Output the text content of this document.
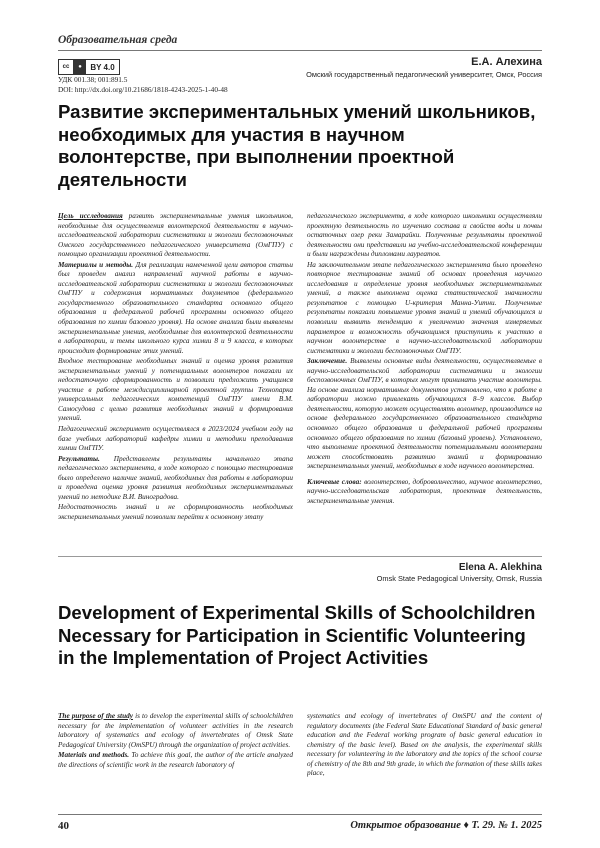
Образовательная среда
cc	●	BY 4.0
УДК 001.38; 001:891.5
DOI: http://dx.doi.org/10.21686/1818-4243-2025-1-40-48
Е.А. Алехина
Омский государственный педагогический университет, Омск, Россия
Развитие экспериментальных умений школьников, необходимых для участия в научном волонтерстве, при выполнении проектной деятельности

Цель исследования развить экспериментальные умения школьников, необходимые для осуществления волонтерской деятельности в научно-исследовательской лаборатории систематики и экологии беспозвоночных Омского государственного педагогического университета (ОмГПУ) с помощью организации проектной деятельности.

Материалы и методы. Для реализации намеченной цели авторов статьи был проведен анализ направлений научной работы в научно-исследовательской лаборатории систематики и экологии беспозвоночных ОмГПУ и содержания нормативных документов (федерального государственного образовательного стандарта основного общего образования и федеральной рабочей программы основного общего образования по химии базового уровня). На основе анализа были выявлены экспериментальные умения, необходимые для волонтерской деятельности в лаборатории, и темы школьного курса химии 8 и 9 класса, в которых происходит формирование этих умений.

Входное тестирование необходимых знаний и оценка уровня развития экспериментальных умений у потенциальных волонтеров показали их недостаточную сформированность и позволили предложить учащимся участие в работе междисциплинарной проектной группы Технопарка универсальных педагогических компетенций ОмГПУ имени В.М. Самосудова с целью развития необходимых знаний и формирования умений.

Педагогический эксперимент осуществлялся в 2023/2024 учебном году на базе учебных лабораторий кафедры химии и методики преподавания химии ОмГПУ.

Результаты. Представлены результаты начального этапа педагогического эксперимента, в ходе которого с помощью тестирования было определено наличие знаний, необходимых для работы в лаборатории и проведена оценка уровня развития необходимых экспериментальных умений по методике В.И. Виноградова.

Недостаточность знаний и не сформированность необходимых экспериментальных умений позволили перейти к основному этапу

педагогического эксперимента, в ходе которого школьники осуществляли проектную деятельность по изучению состава и свойств воды и почвы остаточных озер реки Замарайки. Полученные результаты проектной деятельности они представили на учебно-исследовательской конференции и были награждены дипломами лауреатов.

На заключительном этапе педагогического эксперимента было проведено повторное тестирование знаний об основах проведения научного исследования и определение уровня необходимых экспериментальных умений, а также выполнена оценка статистической значимости результатов с помощью U-критерия Манна-Уитни. Полученные результаты показали повышение уровня знаний и умений обучающихся и позволили выявить тенденцию к увеличению значения измеряемых параметров и возможность обучающимся приступить к участию в научном волонтерстве в научно-исследовательской лаборатории систематики и экологии беспозвоночных ОмГПУ.

Заключение. Выявлены основные виды деятельности, осуществляемые в научно-исследовательской лаборатории систематики и экологии беспозвоночных ОмГПУ, в которых могут принимать участие волонтеры. На основе анализа нормативных документов установлено, что к работе в лаборатории можно привлекать обучающихся 8–9 классов. Выбор деятельности, которую может осуществлять волонтер, производится на основе федерального государственного образовательного стандарта основного общего образования и федеральной рабочей программы основного общего образования по химии (базовый уровень). Установлено, что выполнение проектной деятельности потенциальными волонтерами может способствовать развитию знаний и формированию экспериментальных умений, необходимых в ходе научного волонтерства.

Ключевые слова: волонтерство, добровольчество, научное волонтерство, научно-исследовательская лаборатория, проектная деятельность, экспериментальные умения.

Elena A. Alekhina
Omsk State Pedagogical University, Omsk, Russia
Development of Experimental Skills of Schoolchildren Necessary for Participation in Scientific Volunteering in the Implementation of Project Activities

The purpose of the study is to develop the experimental skills of schoolchildren necessary for the implementation of volunteer activities in the research laboratory of systematics and ecology of invertebrates of Omsk State Pedagogical University (OmSPU) through the organization of project activities.

Materials and methods. To achieve this goal, the author of the article analyzed the directions of scientific work in the research laboratory of

systematics and ecology of invertebrates of OmSPU and the content of regulatory documents (the Federal State Educational Standard of basic general education and the Federal working program of basic general education in chemistry of the basic level). Based on the analysis, the experimental skills necessary for volunteering in the laboratory and the topics of the school course of chemistry of the 8th and 9th grade, in which the formation of these skills takes place,

40	Открытое образование ♦ Т. 29. № 1. 2025
